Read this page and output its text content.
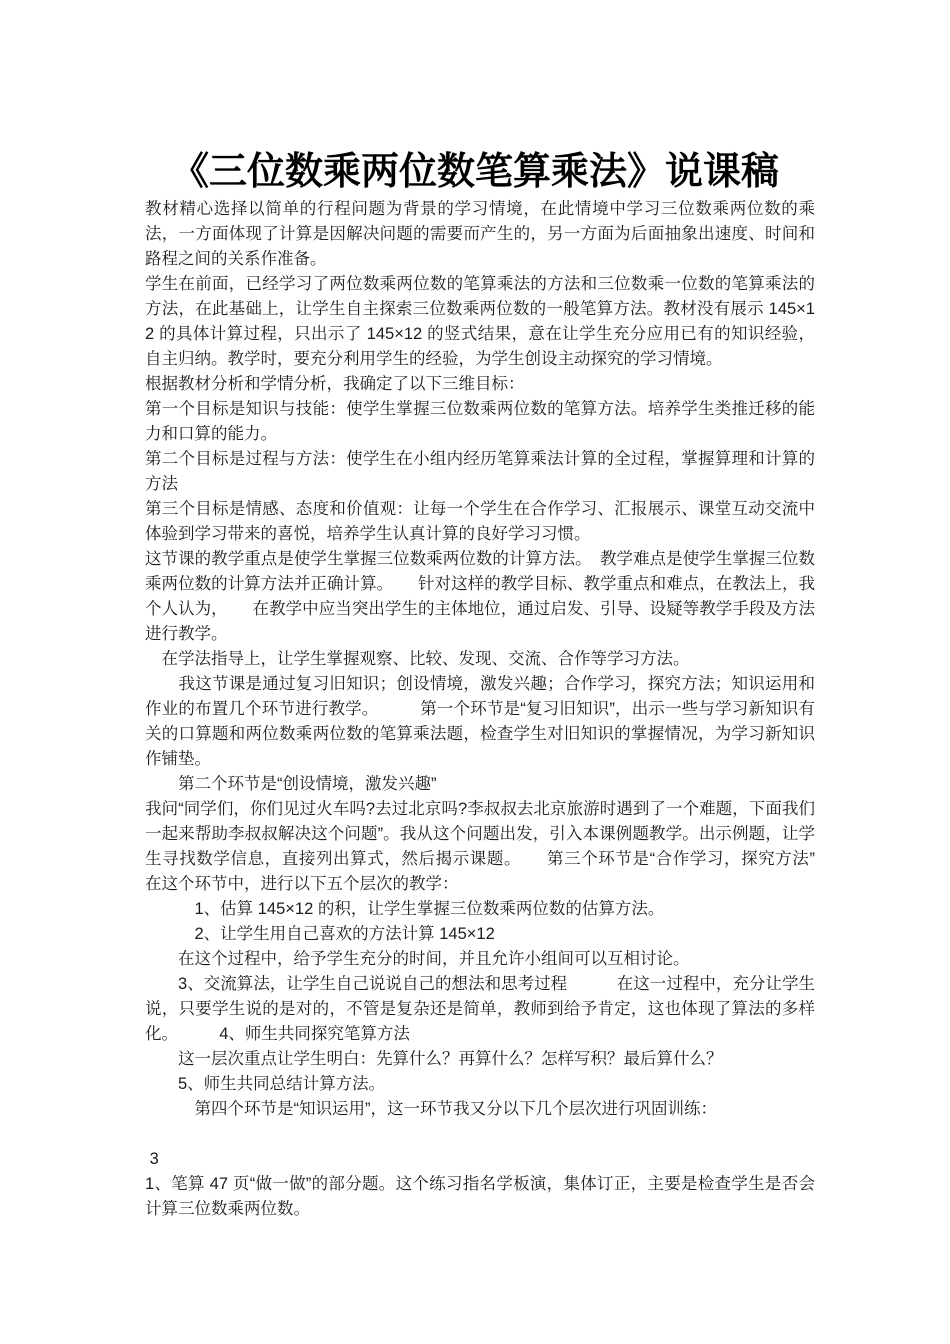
《三位数乘两位数笔算乘法》说课稿

教材精心选择以简单的行程问题为背景的学习情境，在此情境中学习三位数乘两位数的乘法，一方面体现了计算是因解决问题的需要而产生的，另一方面为后面抽象出速度、时间和路程之间的关系作准备。

学生在前面，已经学习了两位数乘两位数的笔算乘法的方法和三位数乘一位数的笔算乘法的方法，在此基础上，让学生自主探索三位数乘两位数的一般笔算方法。教材没有展示 145×12 的具体计算过程，只出示了 145×12 的竖式结果，意在让学生充分应用已有的知识经验，自主归纳。教学时，要充分利用学生的经验，为学生创设主动探究的学习情境。

根据教材分析和学情分析，我确定了以下三维目标：

第一个目标是知识与技能：使学生掌握三位数乘两位数的笔算方法。培养学生类推迁移的能力和口算的能力。

第二个目标是过程与方法：使学生在小组内经历笔算乘法计算的全过程，掌握算理和计算的方法

第三个目标是情感、态度和价值观：让每一个学生在合作学习、汇报展示、课堂互动交流中体验到学习带来的喜悦，培养学生认真计算的良好学习习惯。

这节课的教学重点是使学生掌握三位数乘两位数的计算方法。　教学难点是使学生掌握三位数乘两位数的计算方法并正确计算。　　针对这样的教学目标、教学重点和难点，在教法上，我个人认为，　　在教学中应当突出学生的主体地位，通过启发、引导、设疑等教学手段及方法进行教学。

　在学法指导上，让学生掌握观察、比较、发现、交流、合作等学习方法。

　　我这节课是通过复习旧知识；创设情境，激发兴趣；合作学习，探究方法；知识运用和作业的布置几个环节进行教学。　　　第一个环节是“复习旧知识”，出示一些与学习新知识有关的口算题和两位数乘两位数的笔算乘法题，检查学生对旧知识的掌握情况，为学习新知识作铺垫。

　　第二个环节是“创设情境，激发兴趣”

我问“同学们，你们见过火车吗?去过北京吗?李叔叔去北京旅游时遇到了一个难题，下面我们一起来帮助李叔叔解决这个问题”。我从这个问题出发，引入本课例题教学。出示例题，让学生寻找数学信息，直接列出算式，然后揭示课题。　　第三个环节是“合作学习，探究方法”　　在这个环节中，进行以下五个层次的教学：

　　　1、估算 145×12 的积，让学生掌握三位数乘两位数的估算方法。

　　　2、让学生用自己喜欢的方法计算 145×12

　　在这个过程中，给予学生充分的时间，并且允许小组间可以互相讨论。

　　3、交流算法，让学生自己说说自己的想法和思考过程　　　在这一过程中，充分让学生说，只要学生说的是对的，不管是复杂还是简单，教师到给予肯定，这也体现了算法的多样化。　　　4、师生共同探究笔算方法

　　这一层次重点让学生明白：先算什么？再算什么？怎样写积？最后算什么？

　　5、师生共同总结计算方法。

　　　第四个环节是“知识运用”，这一环节我又分以下几个层次进行巩固训练：

3

1、笔算 47 页“做一做”的部分题。这个练习指名学板演，集体订正，主要是检查学生是否会计算三位数乘两位数。
